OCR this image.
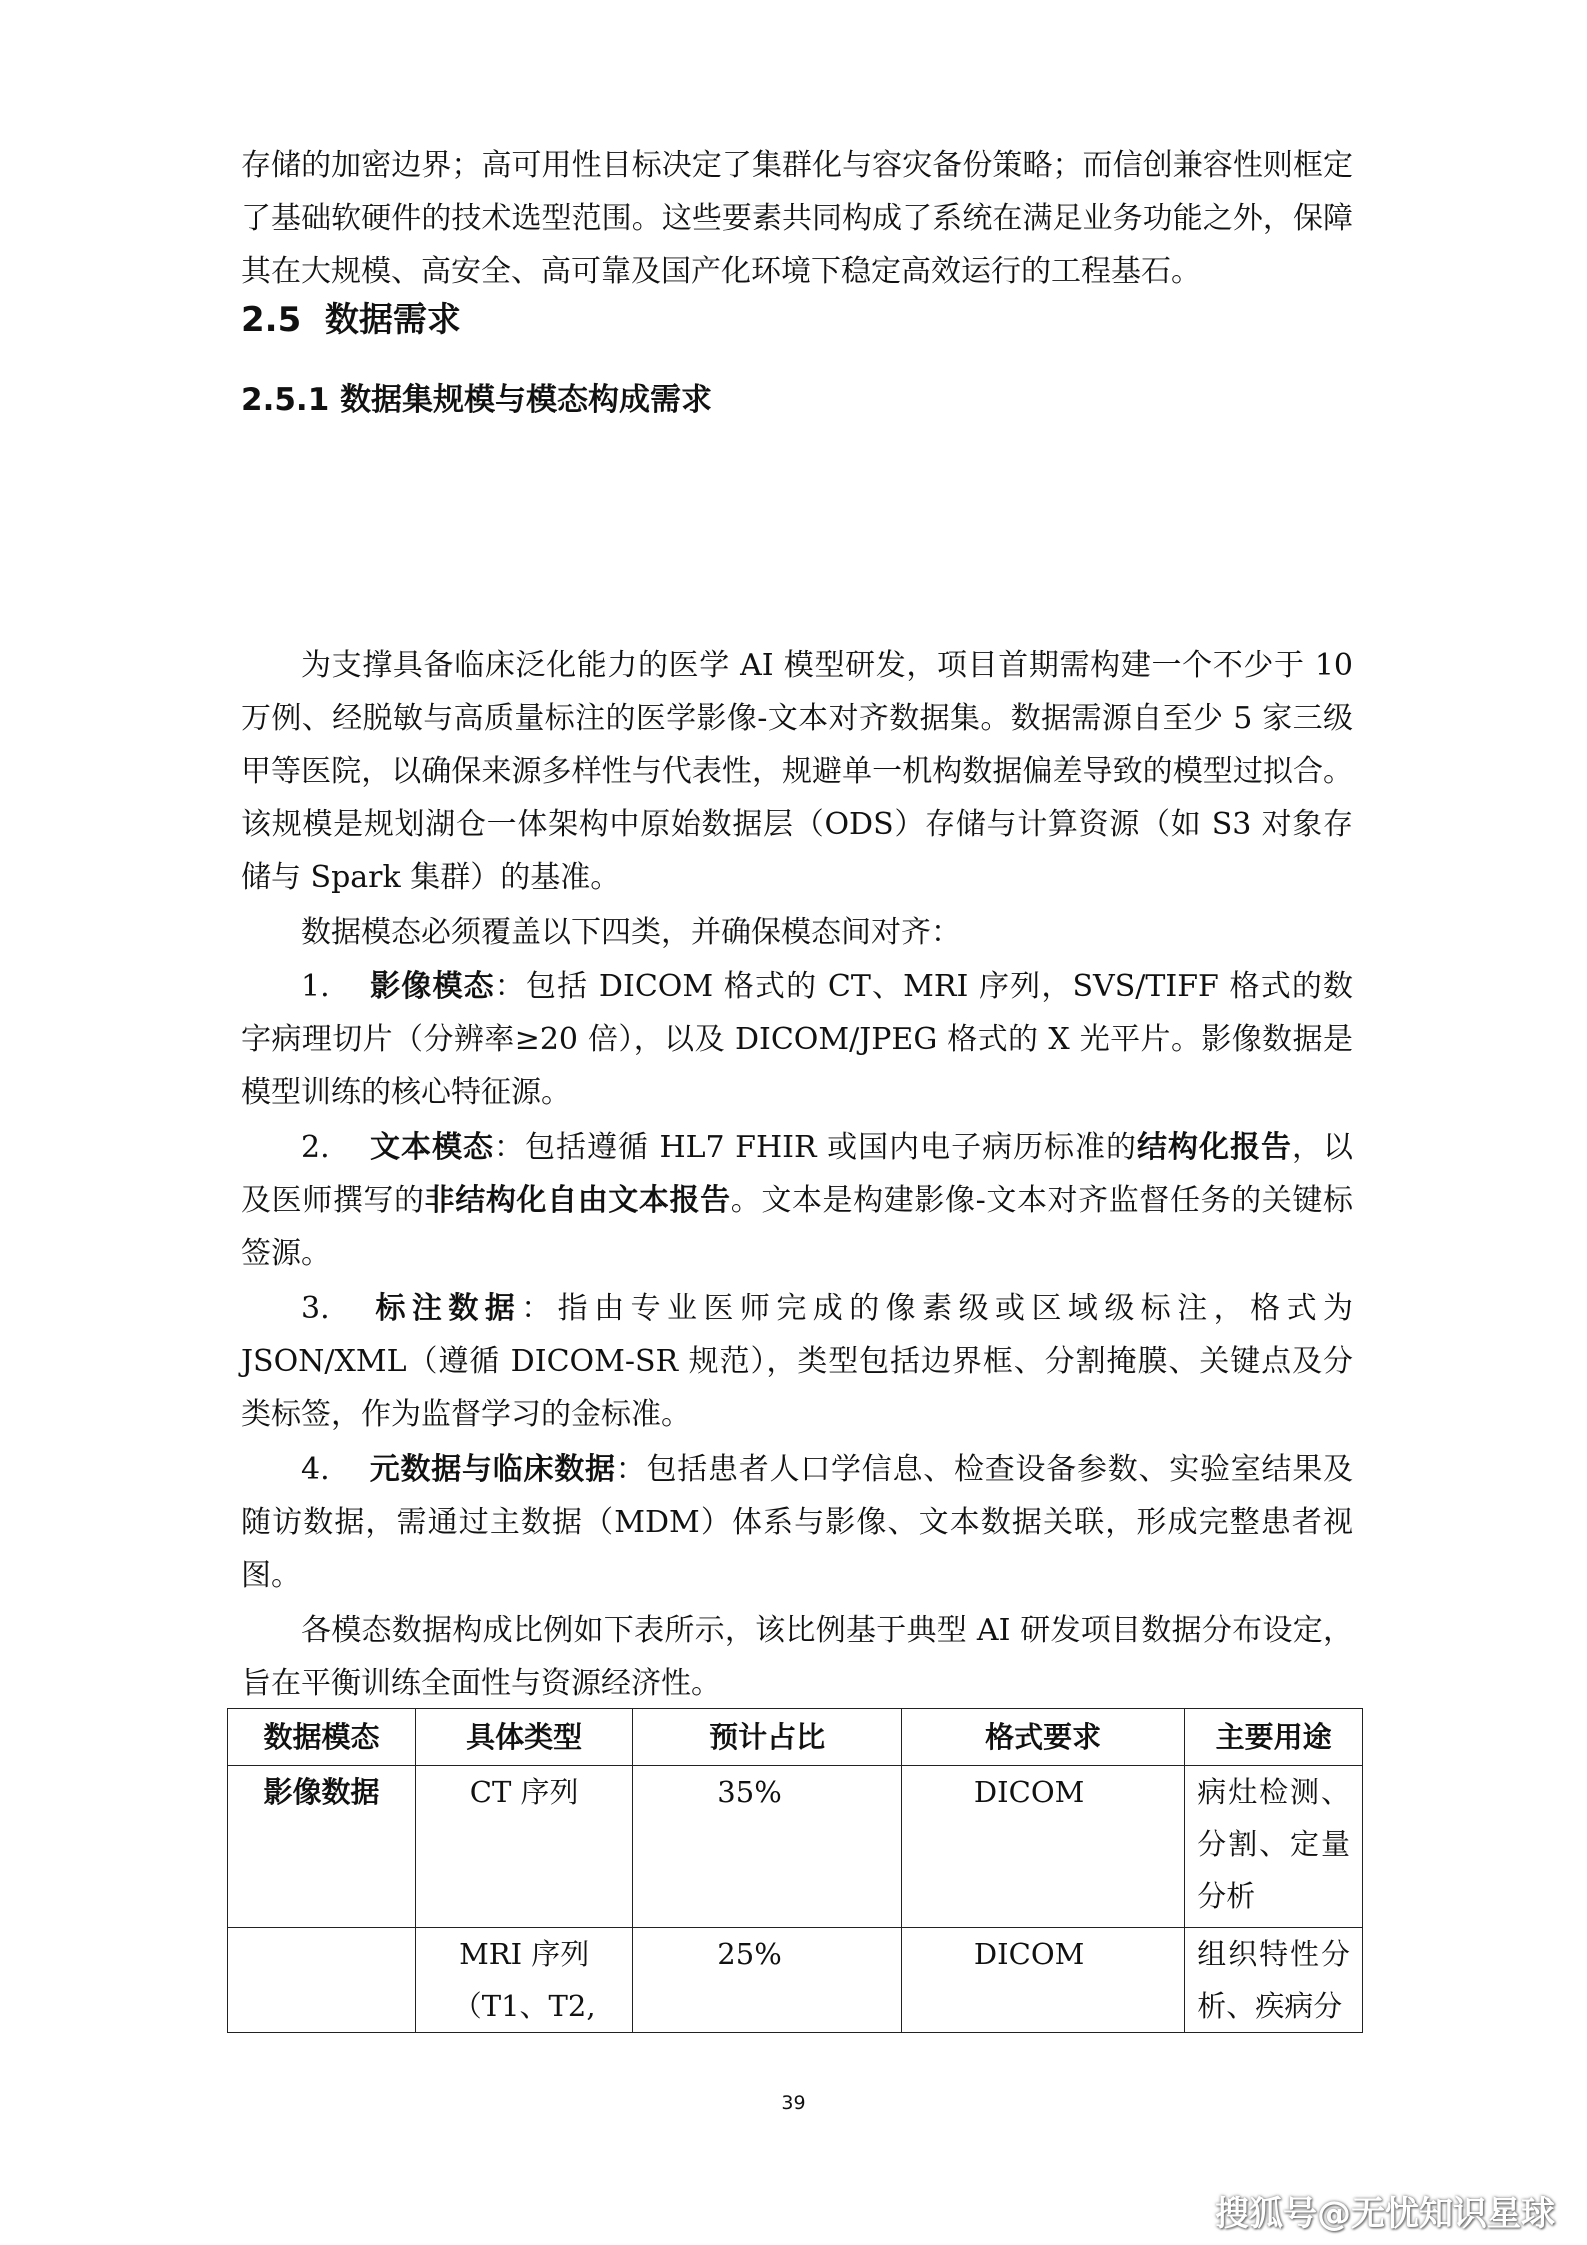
存储的加密边界；高可用性目标决定了集群化与容灾备份策略；而信创兼容性则框定了基础软硬件的技术选型范围。这些要素共同构成了系统在满足业务功能之外，保障其在大规模、高安全、高可靠及国产化环境下稳定高效运行的工程基石。

2.5 数据需求
2.5.1 数据集规模与模态构成需求

为支撑具备临床泛化能力的医学 AI 模型研发，项目首期需构建一个不少于 10 万例、经脱敏与高质量标注的医学影像-文本对齐数据集。数据需源自至少 5 家三级甲等医院，以确保来源多样性与代表性，规避单一机构数据偏差导致的模型过拟合。该规模是规划湖仓一体架构中原始数据层（ODS）存储与计算资源（如 S3 对象存储与 Spark 集群）的基准。

数据模态必须覆盖以下四类，并确保模态间对齐：

1. 影像模态：包括 DICOM 格式的 CT、MRI 序列，SVS/TIFF 格式的数字病理切片（分辨率≥20 倍），以及 DICOM/JPEG 格式的 X 光平片。影像数据是模型训练的核心特征源。

2. 文本模态：包括遵循 HL7 FHIR 或国内电子病历标准的结构化报告，以及医师撰写的非结构化自由文本报告。文本是构建影像-文本对齐监督任务的关键标签源。

3. 标注数据：指由专业医师完成的像素级或区域级标注，格式为 JSON/XML（遵循 DICOM-SR 规范），类型包括边界框、分割掩膜、关键点及分类标签，作为监督学习的金标准。

4. 元数据与临床数据：包括患者人口学信息、检查设备参数、实验室结果及随访数据，需通过主数据（MDM）体系与影像、文本数据关联，形成完整患者视图。

各模态数据构成比例如下表所示，该比例基于典型 AI 研发项目数据分布设定，旨在平衡训练全面性与资源经济性。

数据模态	具体类型	预计占比	格式要求	主要用途
影像数据	CT 序列	35%	DICOM	病灶检测、分割、定量分析
	MRI 序列（T1、T2,	25%	DICOM	组织特性分析、疾病分
39
搜狐号@无忧知识星球
